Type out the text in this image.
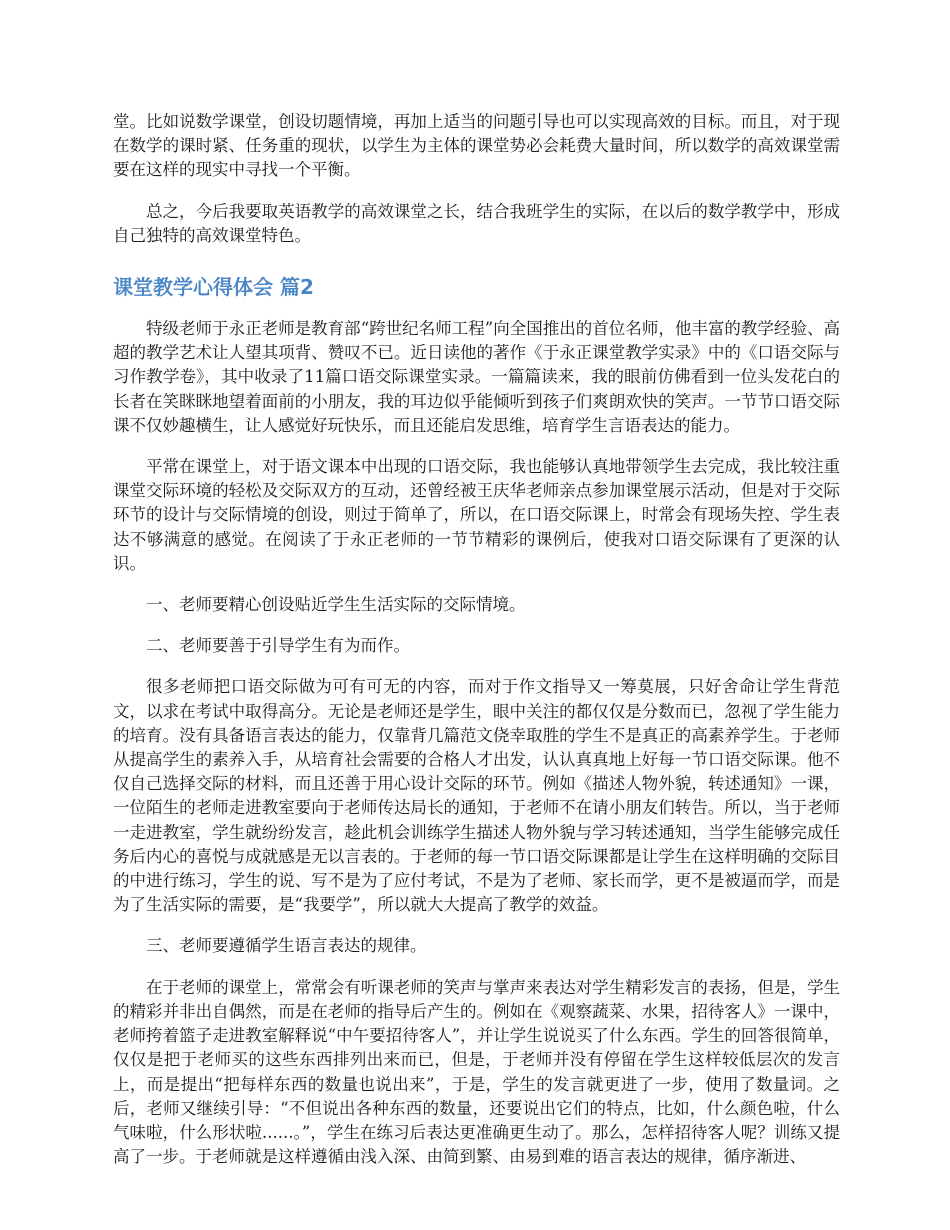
堂。比如说数学课堂，创设切题情境，再加上适当的问题引导也可以实现高效的目标。而且，对于现在数学的课时紧、任务重的现状，以学生为主体的课堂势必会耗费大量时间，所以数学的高效课堂需要在这样的现实中寻找一个平衡。

总之，今后我要取英语教学的高效课堂之长，结合我班学生的实际，在以后的数学教学中，形成自己独特的高效课堂特色。

课堂教学心得体会 篇2

特级老师于永正老师是教育部“跨世纪名师工程”向全国推出的首位名师，他丰富的教学经验、高超的教学艺术让人望其项背、赞叹不已。近日读他的著作《于永正课堂教学实录》中的《口语交际与习作教学卷》，其中收录了11篇口语交际课堂实录。一篇篇读来，我的眼前仿佛看到一位头发花白的长者在笑眯眯地望着面前的小朋友，我的耳边似乎能倾听到孩子们爽朗欢快的笑声。一节节口语交际课不仅妙趣横生，让人感觉好玩快乐，而且还能启发思维，培育学生言语表达的能力。

平常在课堂上，对于语文课本中出现的口语交际，我也能够认真地带领学生去完成，我比较注重课堂交际环境的轻松及交际双方的互动，还曾经被王庆华老师亲点参加课堂展示活动，但是对于交际环节的设计与交际情境的创设，则过于简单了，所以，在口语交际课上，时常会有现场失控、学生表达不够满意的感觉。在阅读了于永正老师的一节节精彩的课例后，使我对口语交际课有了更深的认识。

一、老师要精心创设贴近学生生活实际的交际情境。

二、老师要善于引导学生有为而作。

很多老师把口语交际做为可有可无的内容，而对于作文指导又一筹莫展，只好舍命让学生背范文，以求在考试中取得高分。无论是老师还是学生，眼中关注的都仅仅是分数而已，忽视了学生能力的培育。没有具备语言表达的能力，仅靠背几篇范文侥幸取胜的学生不是真正的高素养学生。于老师从提高学生的素养入手，从培育社会需要的合格人才出发，认认真真地上好每一节口语交际课。他不仅自己选择交际的材料，而且还善于用心设计交际的环节。例如《描述人物外貌，转述通知》一课，一位陌生的老师走进教室要向于老师传达局长的通知，于老师不在请小朋友们转告。所以，当于老师一走进教室，学生就纷纷发言，趁此机会训练学生描述人物外貌与学习转述通知，当学生能够完成任务后内心的喜悦与成就感是无以言表的。于老师的每一节口语交际课都是让学生在这样明确的交际目的中进行练习，学生的说、写不是为了应付考试，不是为了老师、家长而学，更不是被逼而学，而是为了生活实际的需要，是“我要学”，所以就大大提高了教学的效益。

三、老师要遵循学生语言表达的规律。

在于老师的课堂上，常常会有听课老师的笑声与掌声来表达对学生精彩发言的表扬，但是，学生的精彩并非出自偶然，而是在老师的指导后产生的。例如在《观察蔬菜、水果，招待客人》一课中，老师挎着篮子走进教室解释说“中午要招待客人”，并让学生说说买了什么东西。学生的回答很简单，仅仅是把于老师买的这些东西排列出来而已，但是，于老师并没有停留在学生这样较低层次的发言上，而是提出“把每样东西的数量也说出来”，于是，学生的发言就更进了一步，使用了数量词。之后，老师又继续引导：“不但说出各种东西的数量，还要说出它们的特点，比如，什么颜色啦，什么气味啦，什么形状啦......。”，学生在练习后表达更准确更生动了。那么，怎样招待客人呢？训练又提高了一步。于老师就是这样遵循由浅入深、由简到繁、由易到难的语言表达的规律，循序渐进、
